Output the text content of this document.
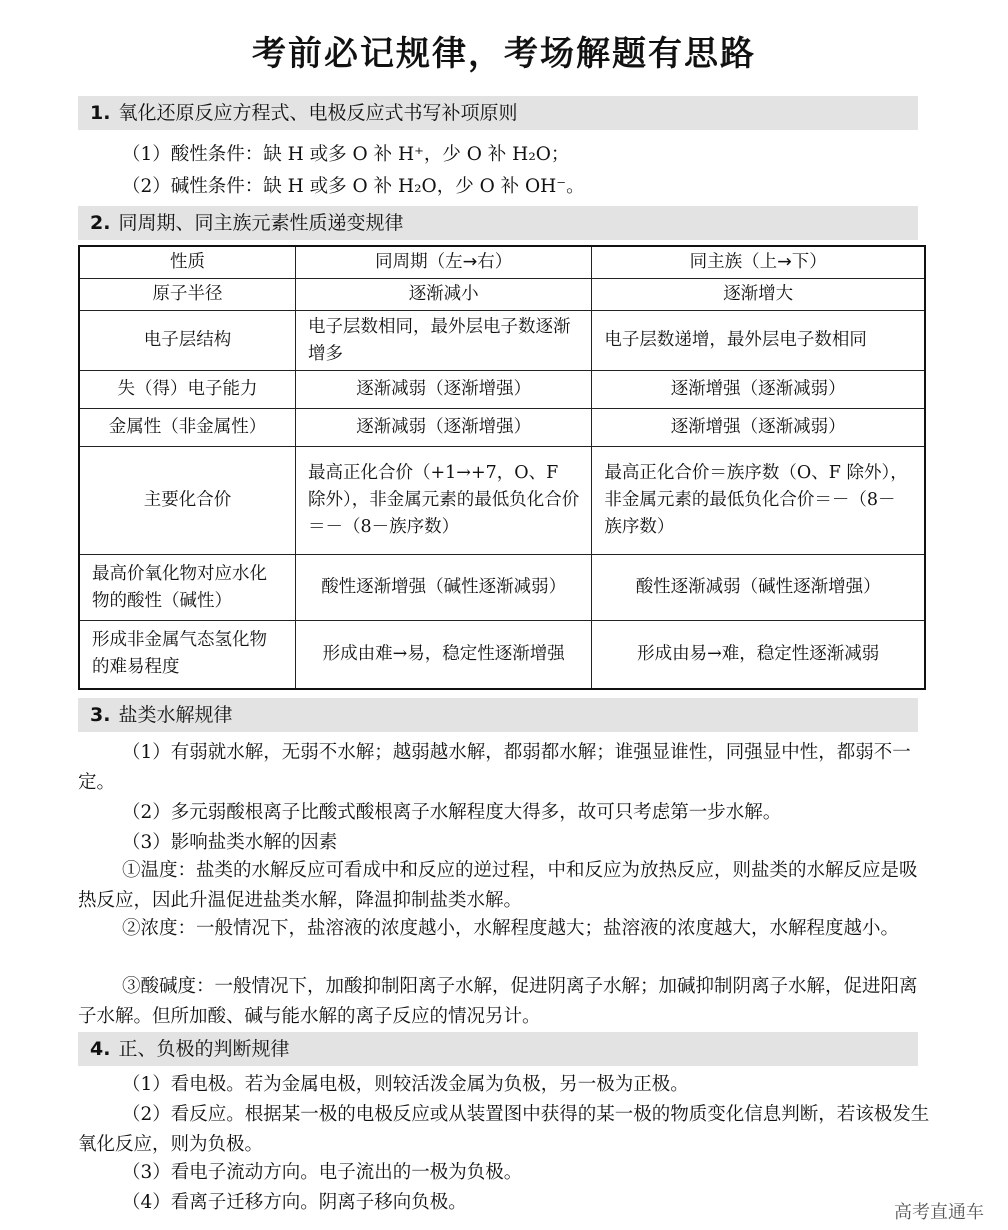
考前必记规律，考场解题有思路
1. 氧化还原反应方程式、电极反应式书写补项原则
（1）酸性条件：缺 H 或多 O 补 H⁺，少 O 补 H₂O；
（2）碱性条件：缺 H 或多 O 补 H₂O，少 O 补 OH⁻。
2. 同周期、同主族元素性质递变规律
性质	同周期（左→右）	同主族（上→下）
原子半径	逐渐减小	逐渐增大
电子层结构	电子层数相同，最外层电子数逐渐增多	电子层数递增，最外层电子数相同
失（得）电子能力	逐渐减弱（逐渐增强）	逐渐增强（逐渐减弱）
金属性（非金属性）	逐渐减弱（逐渐增强）	逐渐增强（逐渐减弱）
主要化合价	最高正化合价（+1→+7，O、F 除外），非金属元素的最低负化合价＝－（8－族序数）	最高正化合价＝族序数（O、F 除外），非金属元素的最低负化合价＝－（8－族序数）
最高价氧化物对应水化物的酸性（碱性）	酸性逐渐增强（碱性逐渐减弱）	酸性逐渐减弱（碱性逐渐增强）
形成非金属气态氢化物的难易程度	形成由难→易，稳定性逐渐增强	形成由易→难，稳定性逐渐减弱
3. 盐类水解规律
（1）有弱就水解，无弱不水解；越弱越水解，都弱都水解；谁强显谁性，同强显中性，都弱不一定。
（2）多元弱酸根离子比酸式酸根离子水解程度大得多，故可只考虑第一步水解。
（3）影响盐类水解的因素
①温度：盐类的水解反应可看成中和反应的逆过程，中和反应为放热反应，则盐类的水解反应是吸热反应，因此升温促进盐类水解，降温抑制盐类水解。
②浓度：一般情况下，盐溶液的浓度越小，水解程度越大；盐溶液的浓度越大，水解程度越小。
③酸碱度：一般情况下，加酸抑制阳离子水解，促进阴离子水解；加碱抑制阴离子水解，促进阳离子水解。但所加酸、碱与能水解的离子反应的情况另计。
4. 正、负极的判断规律
（1）看电极。若为金属电极，则较活泼金属为负极，另一极为正极。
（2）看反应。根据某一极的电极反应或从装置图中获得的某一极的物质变化信息判断，若该极发生氧化反应，则为负极。
（3）看电子流动方向。电子流出的一极为负极。
（4）看离子迁移方向。阴离子移向负极。	高考直通车
